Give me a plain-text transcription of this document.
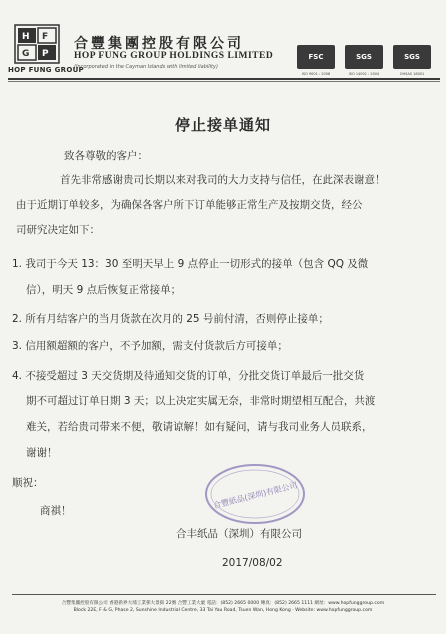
H F
G P
HOP FUNG GROUP
合豐集團控股有限公司
HOP FUNG GROUP HOLDINGS LIMITED
(Incorporated in the Cayman Islands with limited liability)
FSC
ISO 9001 : 2008
SGS
ISO 14001 : 2004
SGS
OHSAS 18001
停止接单通知
致各尊敬的客户：
首先非常感谢贵司长期以来对我司的大力支持与信任，在此深表谢意！
由于近期订单较多，为确保各客户所下订单能够正常生产及按期交货，经公
司研究决定如下：
1. 我司于今天 13：30 至明天早上 9 点停止一切形式的接单（包含 QQ 及微
信），明天 9 点后恢复正常接单；
2. 所有月结客户的当月货款在次月的 25 号前付清，否则停止接单；
3. 信用额超额的客户，不予加额，需支付货款后方可接单；
4. 不接受超过 3 天交货期及待通知交货的订单，分批交货订单最后一批交货
期不可超过订单日期 3 天；以上决定实属无奈，非常时期望相互配合，共渡
难关，若给贵司带来不便，敬请谅解！如有疑问，请与我司业务人员联系，
谢谢！
顺祝：
商祺！
合豐紙品(深圳)有限公司
合丰纸品（深圳）有限公司
2017/08/02
合豐集團控股有限公司 香港新界大埔工業邨大景街 22號 合豐工業大廈 電話：(852) 2665 0000 傳真：(852) 2665 1111 網址：www.hopfunggroup.com
Block 22E, F & G, Phase 2, Sunshine Industrial Centre, 33 Tai Yau Road, Tsuen Wan, Hong Kong · Website: www.hopfunggroup.com
